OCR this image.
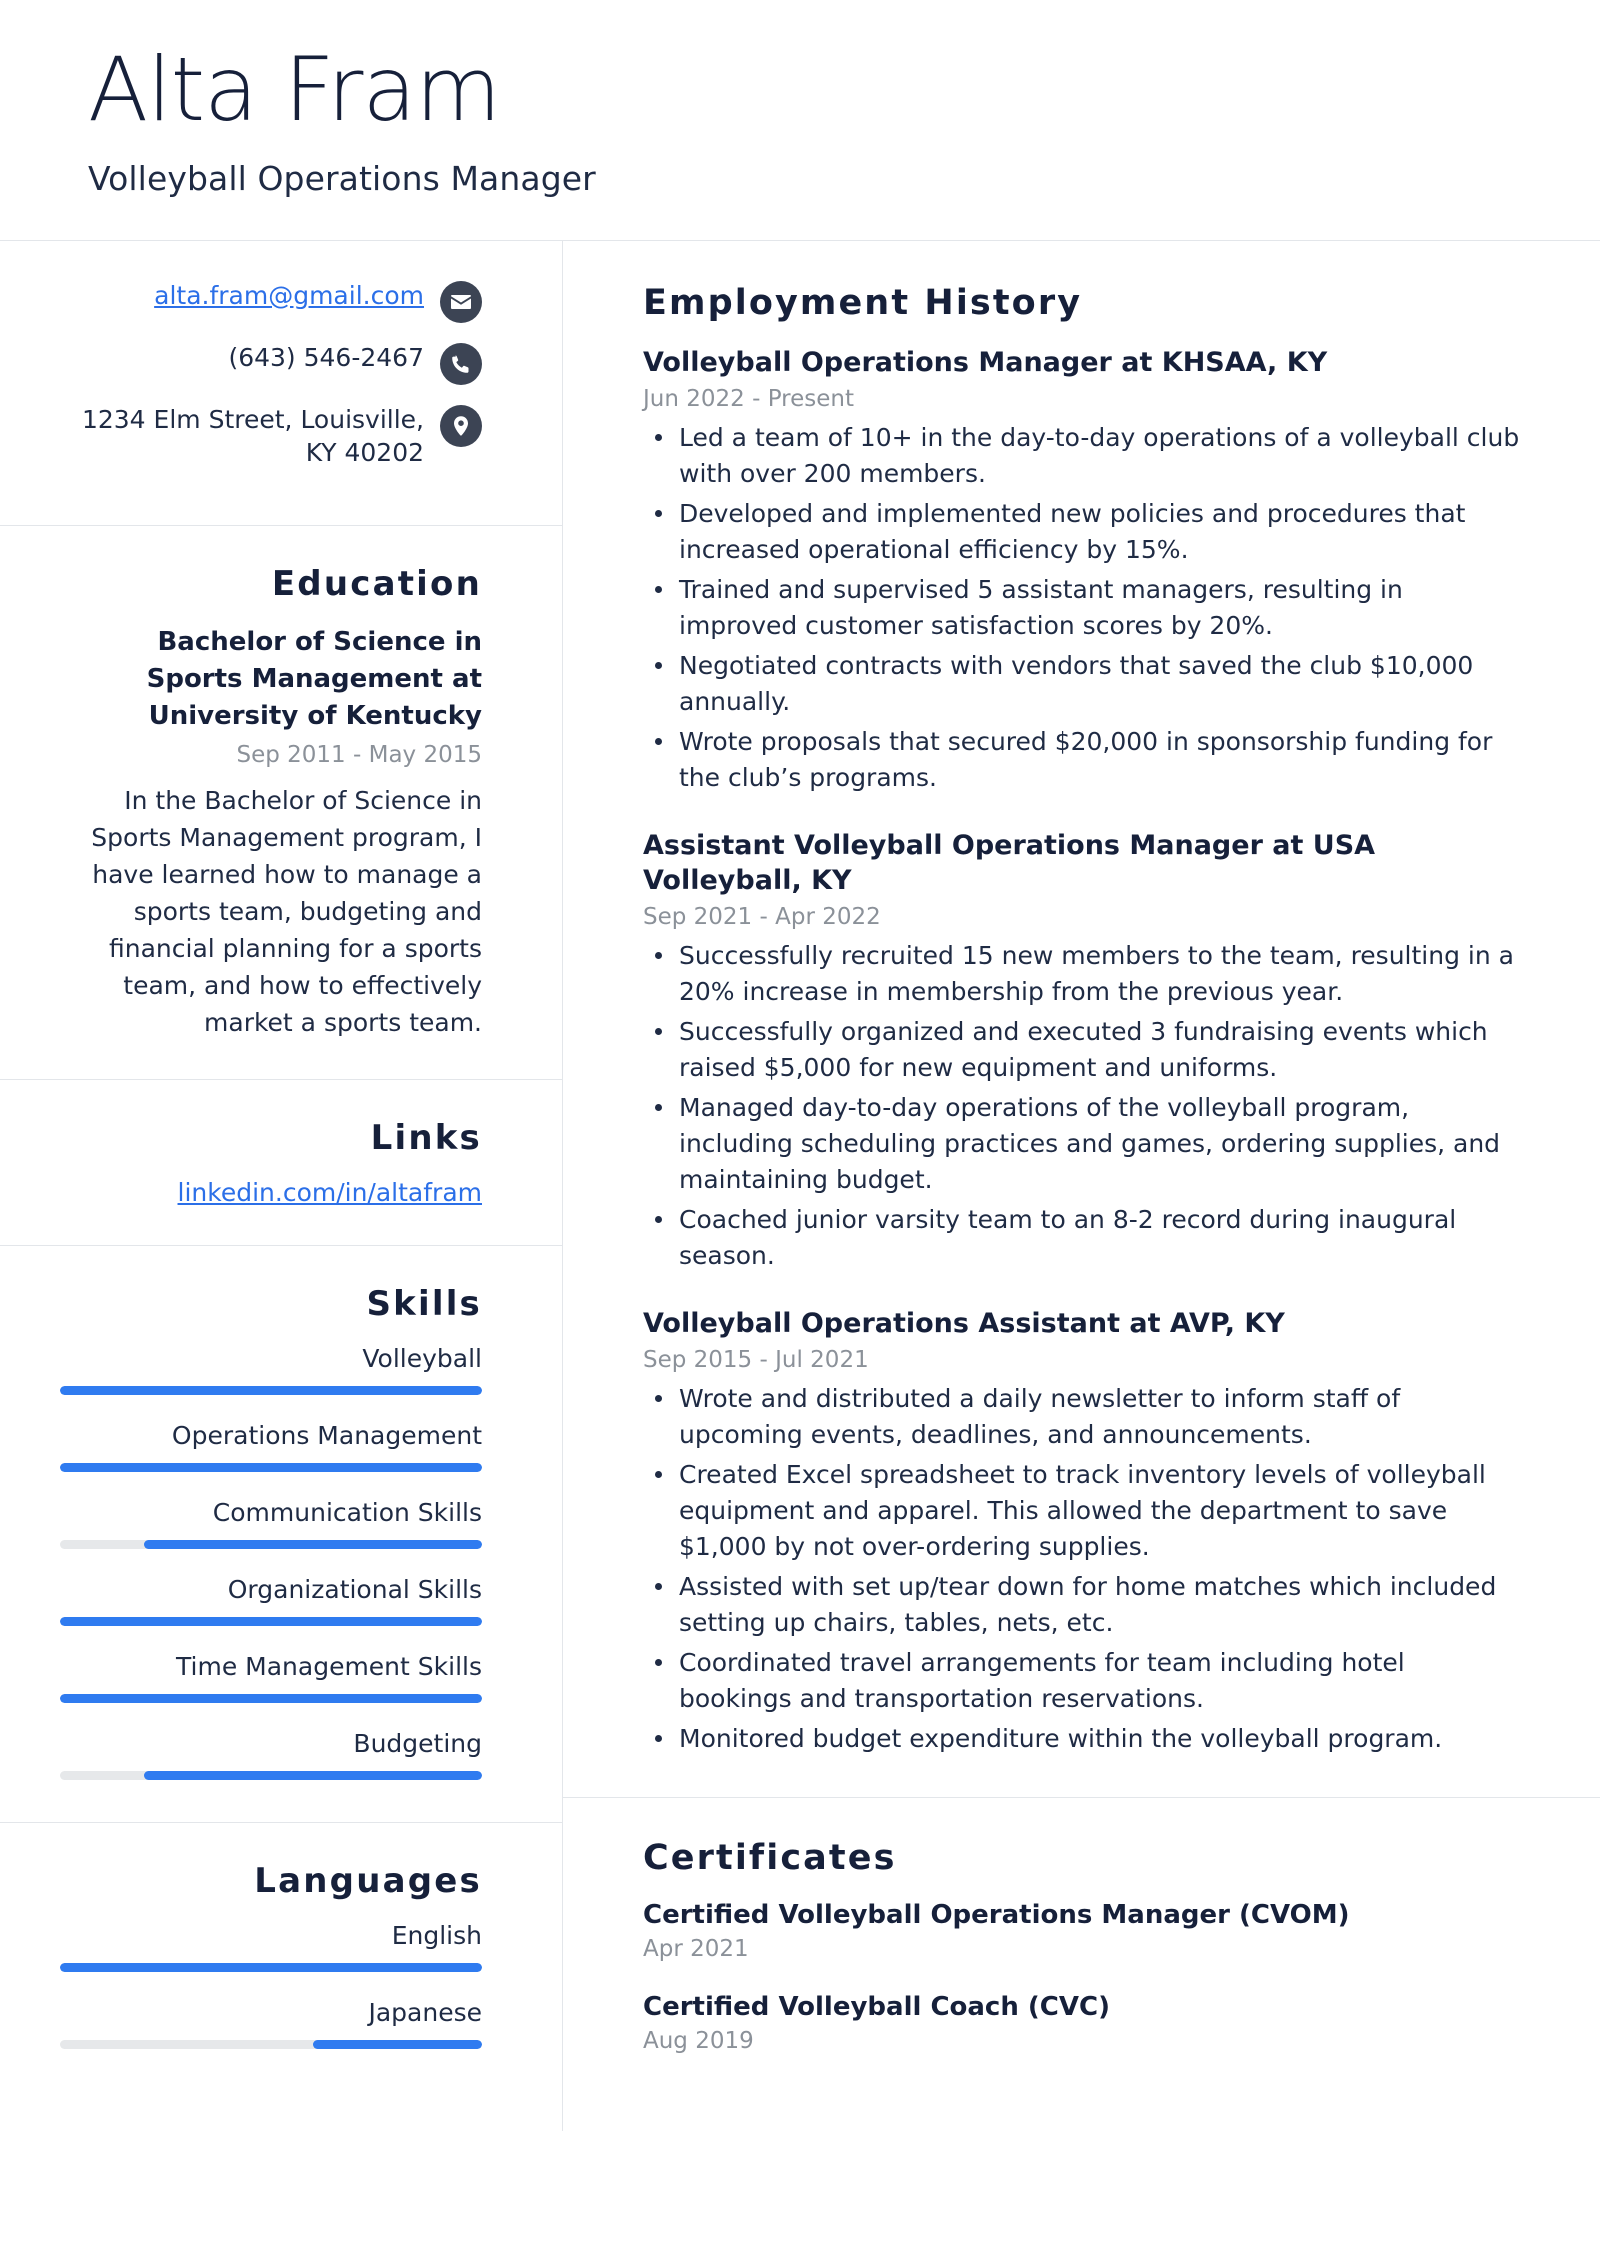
Alta Fram
Volleyball Operations Manager
alta.fram@gmail.com
(643) 546-2467
1234 Elm Street, Louisville, KY 40202
Education
Bachelor of Science in Sports Management at University of Kentucky
Sep 2011 - May 2015
In the Bachelor of Science in Sports Management program, I have learned how to manage a sports team, budgeting and financial planning for a sports team, and how to effectively market a sports team.
Links
linkedin.com/in/altafram
Skills
Volleyball
Operations Management
Communication Skills
Organizational Skills
Time Management Skills
Budgeting
Languages
English
Japanese
Employment History
Volleyball Operations Manager at KHSAA, KY
Jun 2022 - Present
Led a team of 10+ in the day-to-day operations of a volleyball club with over 200 members.
Developed and implemented new policies and procedures that increased operational efficiency by 15%.
Trained and supervised 5 assistant managers, resulting in improved customer satisfaction scores by 20%.
Negotiated contracts with vendors that saved the club $10,000 annually.
Wrote proposals that secured $20,000 in sponsorship funding for the club’s programs.
Assistant Volleyball Operations Manager at USA Volleyball, KY
Sep 2021 - Apr 2022
Successfully recruited 15 new members to the team, resulting in a 20% increase in membership from the previous year.
Successfully organized and executed 3 fundraising events which raised $5,000 for new equipment and uniforms.
Managed day-to-day operations of the volleyball program, including scheduling practices and games, ordering supplies, and maintaining budget.
Coached junior varsity team to an 8-2 record during inaugural season.
Volleyball Operations Assistant at AVP, KY
Sep 2015 - Jul 2021
Wrote and distributed a daily newsletter to inform staff of upcoming events, deadlines, and announcements.
Created Excel spreadsheet to track inventory levels of volleyball equipment and apparel. This allowed the department to save $1,000 by not over-ordering supplies.
Assisted with set up/tear down for home matches which included setting up chairs, tables, nets, etc.
Coordinated travel arrangements for team including hotel bookings and transportation reservations.
Monitored budget expenditure within the volleyball program.
Certificates
Certified Volleyball Operations Manager (CVOM)
Apr 2021
Certified Volleyball Coach (CVC)
Aug 2019
